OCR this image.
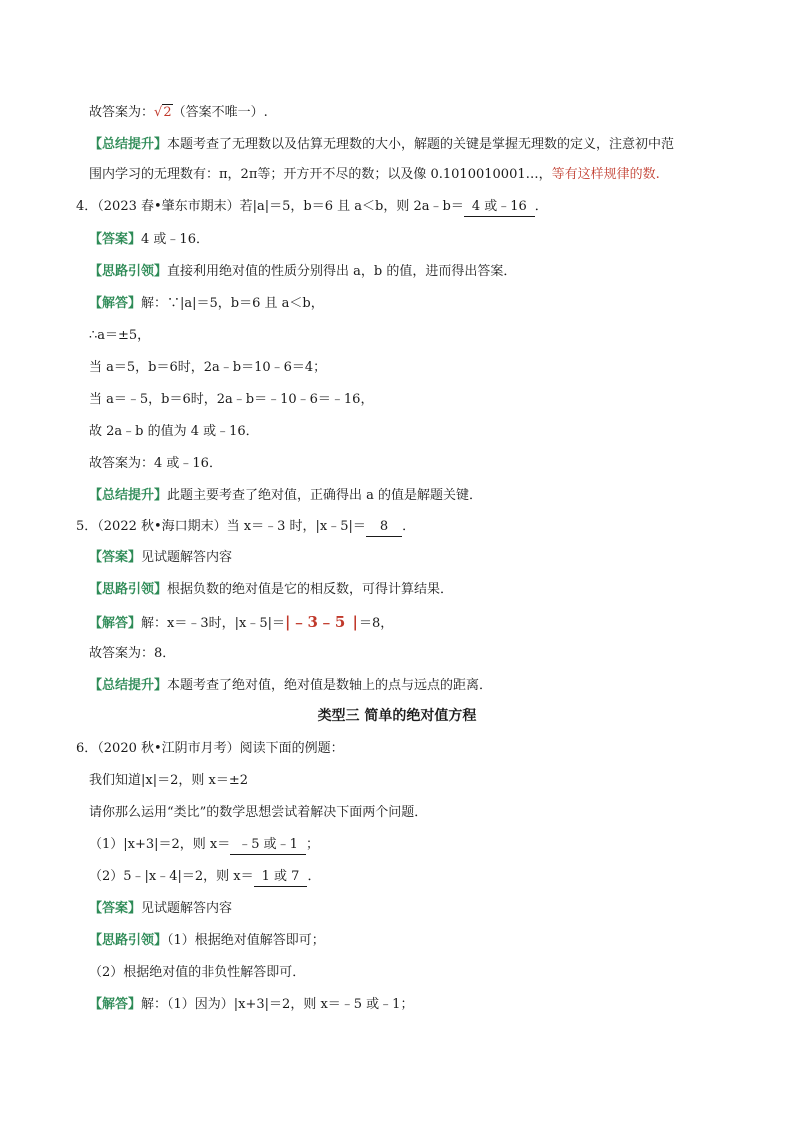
故答案为：√2（答案不唯一）.
【总结提升】本题考查了无理数以及估算无理数的大小，解题的关键是掌握无理数的定义，注意初中范
围内学习的无理数有：π，2π等；开方开不尽的数；以及像 0.1010010001…，等有这样规律的数.
4．（2023 春•肇东市期末）若|a|＝5，b＝6 且 a＜b，则 2a﹣b＝ 4 或﹣16 ．
【答案】4 或﹣16．
【思路引领】直接利用绝对值的性质分别得出 a，b 的值，进而得出答案．
【解答】解：∵|a|＝5，b＝6 且 a＜b，
∴a＝±5，
当 a＝5，b＝6时，2a﹣b＝10﹣6＝4；
当 a＝﹣5，b＝6时，2a﹣b＝﹣10﹣6＝﹣16，
故 2a﹣b 的值为 4 或﹣16．
故答案为：4 或﹣16．
【总结提升】此题主要考查了绝对值，正确得出 a 的值是解题关键．
5．（2022 秋•海口期末）当 x＝﹣3 时，|x﹣5|＝ 8 ．
【答案】见试题解答内容
【思路引领】根据负数的绝对值是它的相反数，可得计算结果．
【解答】解：x＝﹣3时，|x﹣5|＝|﹣3﹣5 |＝8，
故答案为：8．
【总结提升】本题考查了绝对值，绝对值是数轴上的点与远点的距离．
类型三 简单的绝对值方程
6．（2020 秋•江阴市月考）阅读下面的例题：
我们知道|x|＝2，则 x＝±2
请你那么运用“类比”的数学思想尝试着解决下面两个问题．
（1）|x+3|＝2，则 x＝ ﹣5 或﹣1 ；
（2）5﹣|x﹣4|＝2，则 x＝ 1 或 7 ．
【答案】见试题解答内容
【思路引领】（1）根据绝对值解答即可；
（2）根据绝对值的非负性解答即可．
【解答】解：（1）因为）|x+3|＝2，则 x＝﹣5 或﹣1；
